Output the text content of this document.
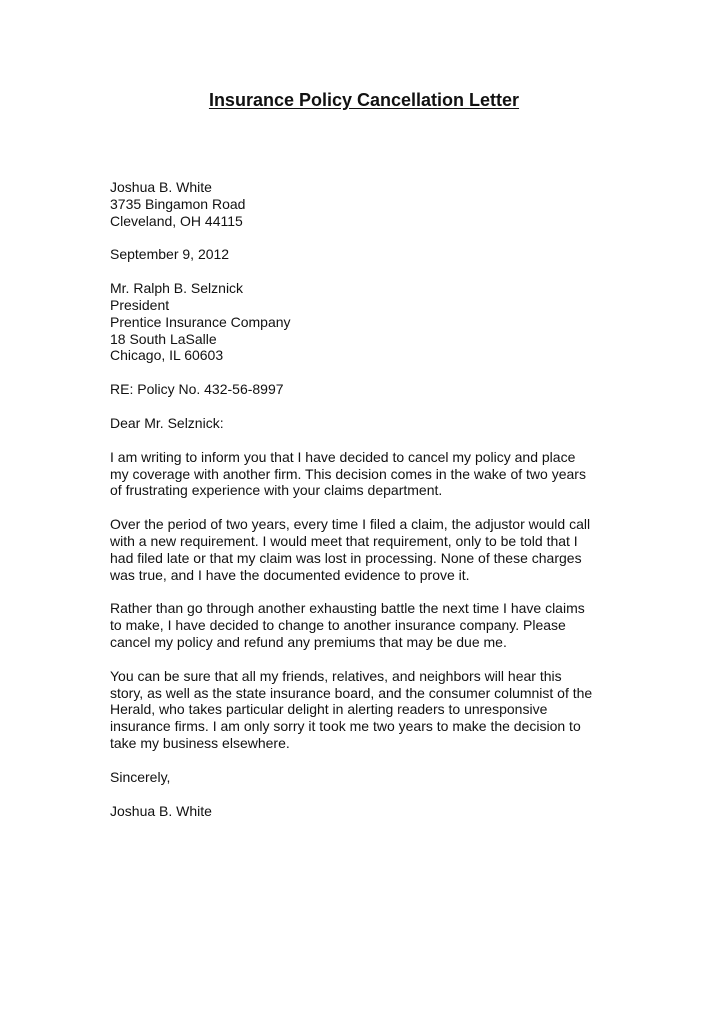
Insurance Policy Cancellation Letter
Joshua B. White
3735 Bingamon Road
Cleveland, OH 44115
September 9, 2012
Mr. Ralph B. Selznick
President
Prentice Insurance Company
18 South LaSalle
Chicago, IL 60603
RE: Policy No. 432-56-8997
Dear Mr. Selznick:
I am writing to inform you that I have decided to cancel my policy and place
my coverage with another firm. This decision comes in the wake of two years
of frustrating experience with your claims department.
Over the period of two years, every time I filed a claim, the adjustor would call
with a new requirement. I would meet that requirement, only to be told that I
had filed late or that my claim was lost in processing. None of these charges
was true, and I have the documented evidence to prove it.
Rather than go through another exhausting battle the next time I have claims
to make, I have decided to change to another insurance company. Please
cancel my policy and refund any premiums that may be due me.
You can be sure that all my friends, relatives, and neighbors will hear this
story, as well as the state insurance board, and the consumer columnist of the
Herald, who takes particular delight in alerting readers to unresponsive
insurance firms. I am only sorry it took me two years to make the decision to
take my business elsewhere.
Sincerely,
Joshua B. White
